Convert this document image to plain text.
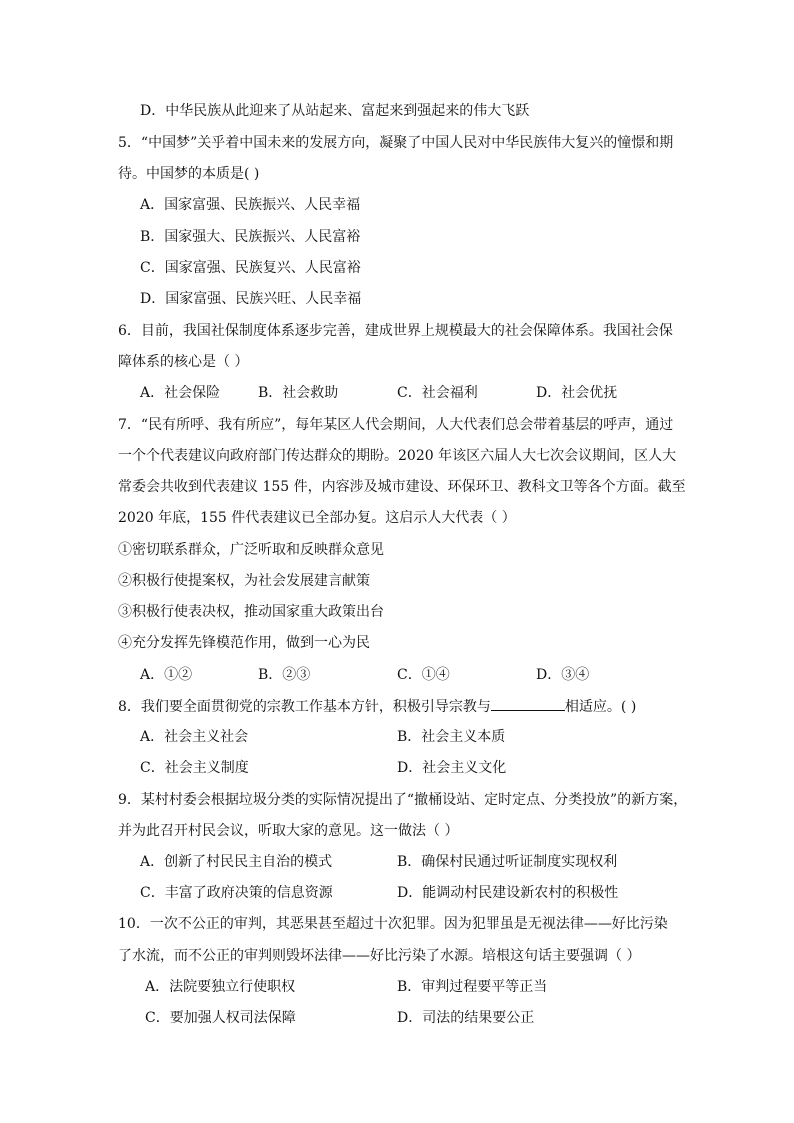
D．中华民族从此迎来了从站起来、富起来到强起来的伟大飞跃
5．“中国梦”关乎着中国未来的发展方向，凝聚了中国人民对中华民族伟大复兴的憧憬和期
待。中国梦的本质是( )
A．国家富强、民族振兴、人民幸福
B．国家强大、民族振兴、人民富裕
C．国家富强、民族复兴、人民富裕
D．国家富强、民族兴旺、人民幸福
6．目前，我国社保制度体系逐步完善，建成世界上规模最大的社会保障体系。我国社会保
障体系的核心是（ ）
A．社会保险	B．社会救助	C．社会福利	D．社会优抚
7．“民有所呼、我有所应”，每年某区人代会期间，人大代表们总会带着基层的呼声，通过
一个个代表建议向政府部门传达群众的期盼。2020 年该区六届人大七次会议期间，区人大
常委会共收到代表建议 155 件，内容涉及城市建设、环保环卫、教科文卫等各个方面。截至
2020 年底，155 件代表建议已全部办复。这启示人大代表（ ）
①密切联系群众，广泛听取和反映群众意见
②积极行使提案权，为社会发展建言献策
③积极行使表决权，推动国家重大政策出台
④充分发挥先锋模范作用，做到一心为民
A．①②	B．②③	C．①④	D．③④
8．我们要全面贯彻党的宗教工作基本方针，积极引导宗教与	相适应。( )
A．社会主义社会	B．社会主义本质
C．社会主义制度	D．社会主义文化
9．某村村委会根据垃圾分类的实际情况提出了“撤桶设站、定时定点、分类投放”的新方案，
并为此召开村民会议，听取大家的意见。这一做法（ ）
A．创新了村民民主自治的模式	B．确保村民通过听证制度实现权利
C．丰富了政府决策的信息资源	D．能调动村民建设新农村的积极性
10．一次不公正的审判，其恶果甚至超过十次犯罪。因为犯罪虽是无视法律——好比污染
了水流，而不公正的审判则毁坏法律——好比污染了水源。培根这句话主要强调（ ）
A．法院要独立行使职权	B．审判过程要平等正当
C．要加强人权司法保障	D．司法的结果要公正
